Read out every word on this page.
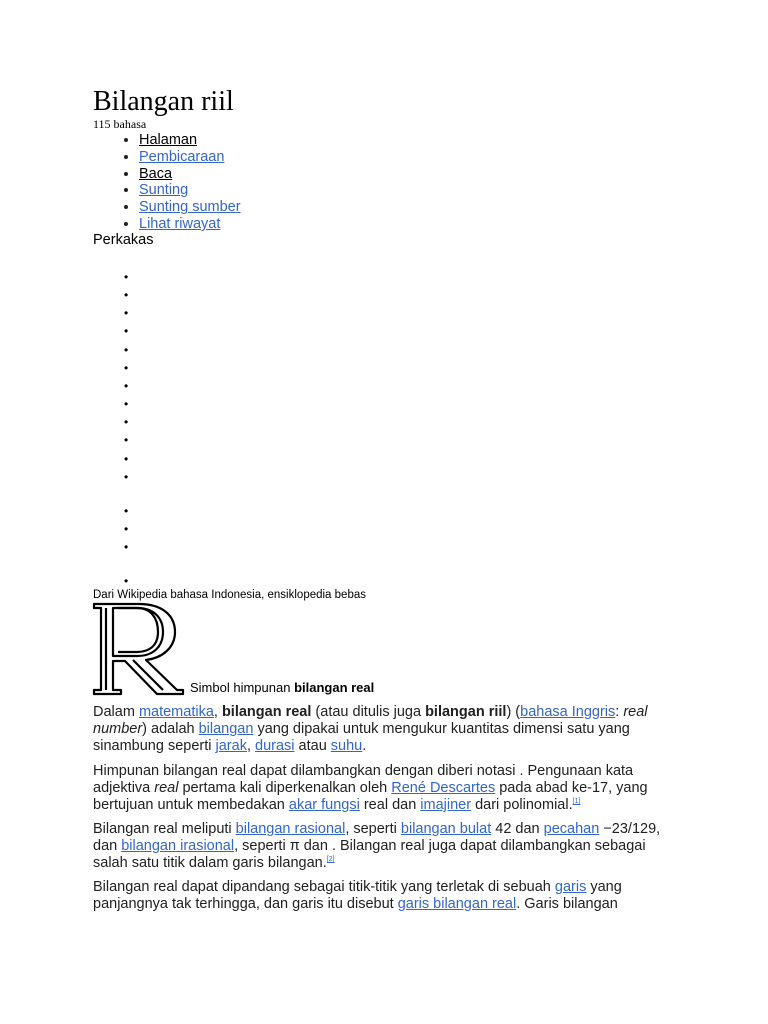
Bilangan riil
115 bahasa
• Halaman
• Pembicaraan
• Baca
• Sunting
• Sunting sumber
• Lihat riwayat
Perkakas
•
•
•
•
•
•
•
•
•
•
•
•
•
•
•
•
Dari Wikipedia bahasa Indonesia, ensiklopedia bebas
Simbol himpunan bilangan real

Dalam matematika, bilangan real (atau ditulis juga bilangan riil) (bahasa Inggris: real number) adalah bilangan yang dipakai untuk mengukur kuantitas dimensi satu yang sinambung seperti jarak, durasi atau suhu.

Himpunan bilangan real dapat dilambangkan dengan diberi notasi . Pengunaan kata adjektiva real pertama kali diperkenalkan oleh René Descartes pada abad ke-17, yang bertujuan untuk membedakan akar fungsi real dan imajiner dari polinomial.[1]

Bilangan real meliputi bilangan rasional, seperti bilangan bulat 42 dan pecahan −23/129, dan bilangan irasional, seperti π dan . Bilangan real juga dapat dilambangkan sebagai salah satu titik dalam garis bilangan.[2]

Bilangan real dapat dipandang sebagai titik-titik yang terletak di sebuah garis yang panjangnya tak terhingga, dan garis itu disebut garis bilangan real. Garis bilangan
